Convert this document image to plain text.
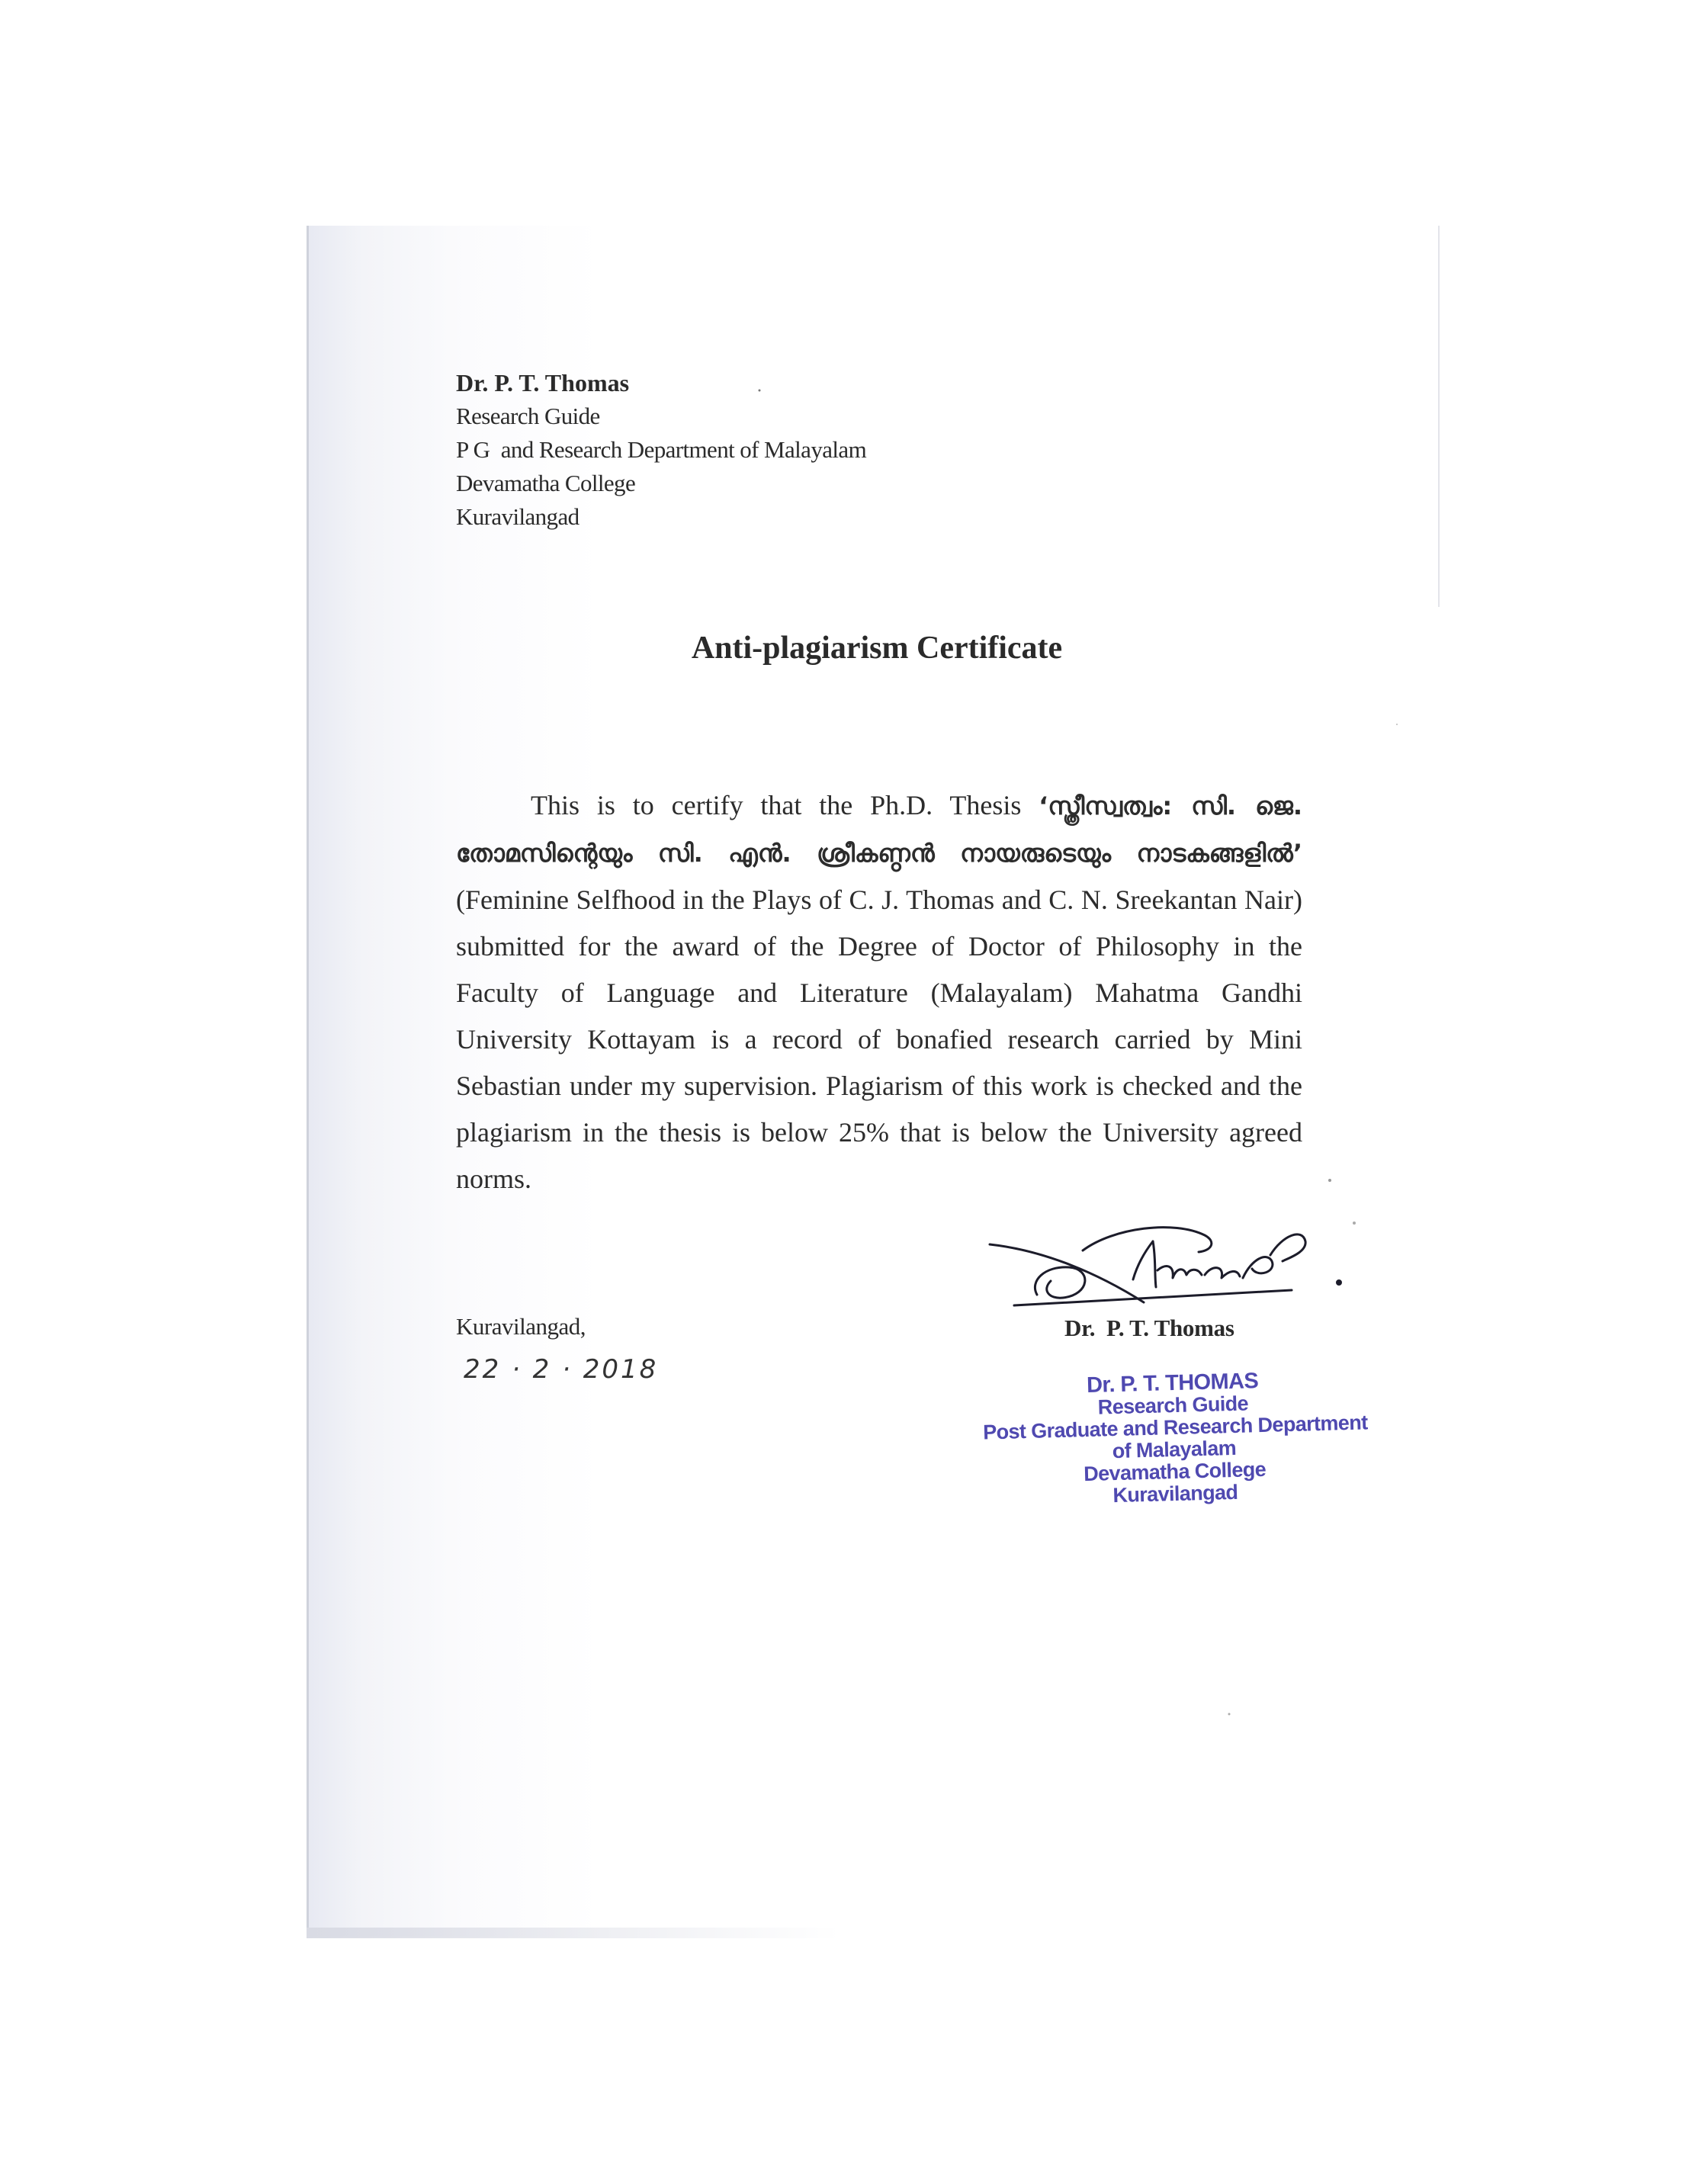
Dr. P. T. Thomas
Research Guide
P G  and Research Department of Malayalam
Devamatha College
Kuravilangad
Anti-plagiarism Certificate
This is to certify that the Ph.D. Thesis ‘സ്ത്രീസ്വത്വം: സി. ജെ. തോമസിന്റെയും സി. എൻ. ശ്രീകണ്ഠൻ നായരുടെയും നാടകങ്ങളിൽ’ (Feminine Selfhood in the Plays of C. J. Thomas and C. N. Sreekantan Nair) submitted for the award of the Degree of Doctor of Philosophy in the Faculty of Language and Literature (Malayalam) Mahatma Gandhi University Kottayam is a record of bonafied research carried by Mini Sebastian under my supervision. Plagiarism of this work is checked and the plagiarism in the thesis is below 25% that is below the University agreed norms.
Dr.  P. T. Thomas
Kuravilangad,
22 · 2 · 2018	Dr. P. T. THOMAS
Research Guide
Post Graduate and Research Department
of Malayalam
Devamatha College
Kuravilangad
